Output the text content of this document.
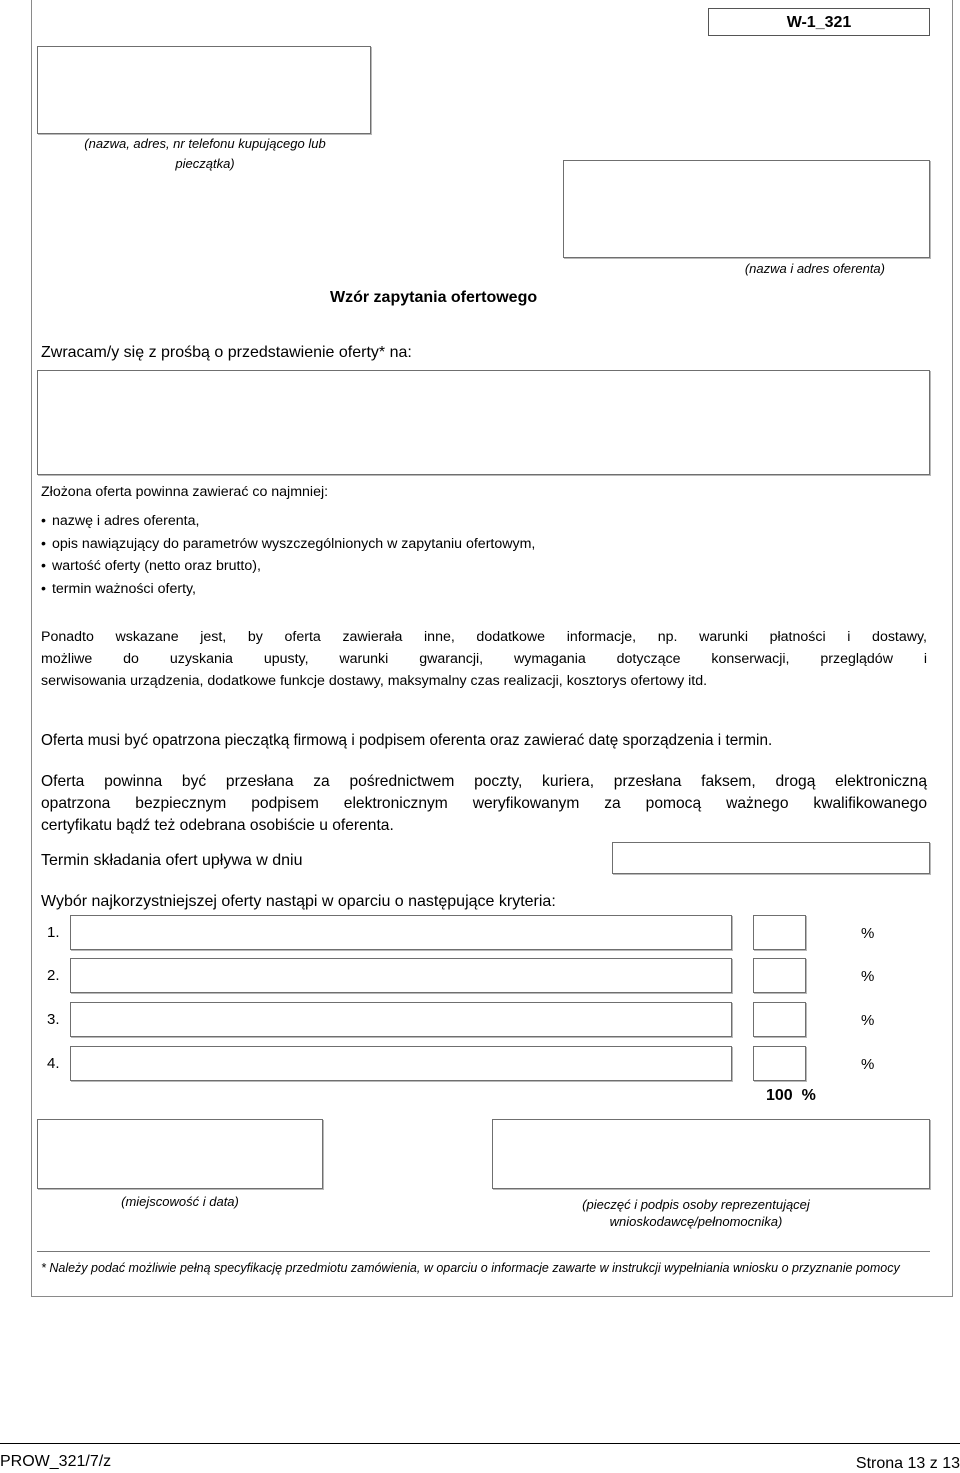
W-1_321
(nazwa, adres, nr telefonu kupującego lub pieczątka)
(nazwa i adres oferenta)
Wzór zapytania ofertowego
Zwracam/y się z prośbą o przedstawienie oferty* na:
Złożona oferta powinna zawierać co najmniej:
• nazwę i adres oferenta,
• opis nawiązujący do parametrów wyszczególnionych w zapytaniu ofertowym,
• wartość oferty (netto oraz brutto),
• termin ważności oferty,
Ponadto wskazane jest, by oferta zawierała inne, dodatkowe informacje, np. warunki płatności i dostawy,
możliwe do uzyskania upusty, warunki gwarancji, wymagania dotyczące konserwacji, przeglądów i
serwisowania urządzenia, dodatkowe funkcje dostawy, maksymalny czas realizacji, kosztorys ofertowy itd.
Oferta musi być opatrzona pieczątką firmową i podpisem oferenta oraz zawierać datę sporządzenia i termin.
Oferta powinna być przesłana za pośrednictwem poczty, kuriera, przesłana faksem, drogą elektroniczną
opatrzona bezpiecznym podpisem elektronicznym weryfikowanym za pomocą ważnego kwalifikowanego
certyfikatu bądź też odebrana osobiście u oferenta.
Termin składania ofert upływa w dniu
Wybór najkorzystniejszej oferty nastąpi w oparciu o następujące kryteria:
1.	%
2.	%
3.	%
4.	%
100  %
(miejscowość i data)	(pieczęć i podpis osoby reprezentującej wnioskodawcę/pełnomocnika)
* Należy podać możliwie pełną specyfikację przedmiotu zamówienia, w oparciu o informacje zawarte w instrukcji wypełniania wniosku o przyznanie pomocy
PROW_321/7/z	Strona 13 z 13
